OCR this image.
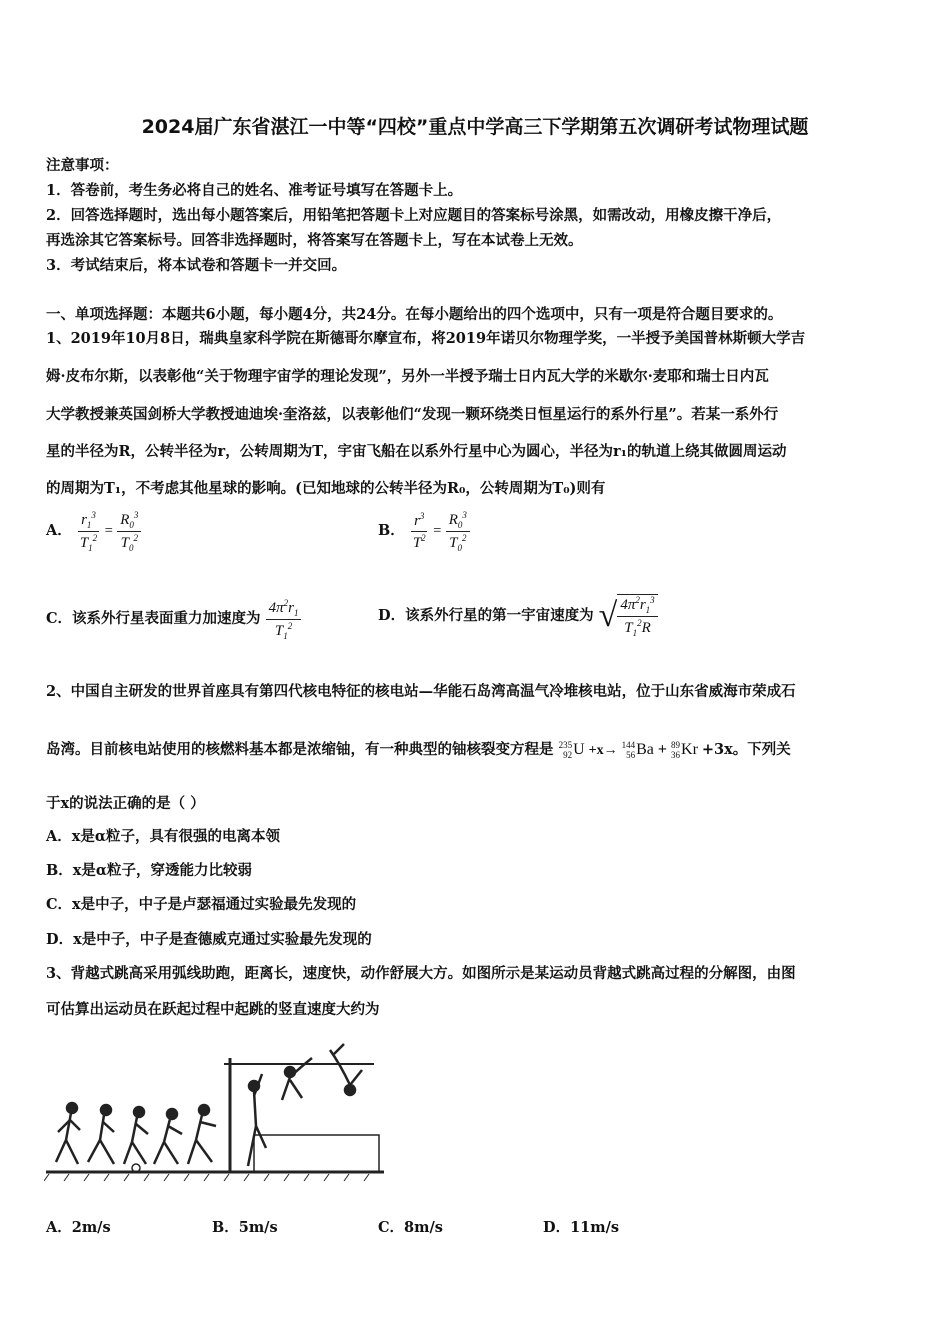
2024届广东省湛江一中等“四校”重点中学高三下学期第五次调研考试物理试题
注意事项：
1．答卷前，考生务必将自己的姓名、准考证号填写在答题卡上。
2．回答选择题时，选出每小题答案后，用铅笔把答题卡上对应题目的答案标号涂黑，如需改动，用橡皮擦干净后，
再选涂其它答案标号。回答非选择题时，将答案写在答题卡上，写在本试卷上无效。
3．考试结束后，将本试卷和答题卡一并交回。
一、单项选择题：本题共6小题，每小题4分，共24分。在每小题给出的四个选项中，只有一项是符合题目要求的。
1、2019年10月8日，瑞典皇家科学院在斯德哥尔摩宣布，将2019年诺贝尔物理学奖，一半授予美国普林斯顿大学吉
姆·皮布尔斯，以表彰他“关于物理宇宙学的理论发现”，另外一半授予瑞士日内瓦大学的米歇尔·麦耶和瑞士日内瓦
大学教授兼英国剑桥大学教授迪迪埃·奎洛兹，以表彰他们“发现一颗环绕类日恒星运行的系外行星”。若某一系外行
星的半径为R，公转半径为r，公转周期为T，宇宙飞船在以系外行星中心为圆心，半径为r₁的轨道上绕其做圆周运动
的周期为T₁，不考虑其他星球的影响。(已知地球的公转半径为R₀，公转周期为T₀)则有
A． $\frac{r_1^3}{T_1^2} = \frac{R_0^3}{T_0^2}$	B． $\frac{r^3}{T^2} = \frac{R_0^3}{T_0^2}$
C．该系外行星表面重力加速度为 $\frac{4\pi^2r_1}{T_1^2}$	D．该系外行星的第一宇宙速度为 √ $\frac{4\pi^2r_1^3}{T_1^2R}$
2、中国自主研发的世界首座具有第四代核电特征的核电站—华能石岛湾高温气冷堆核电站，位于山东省威海市荣成石
岛湾。目前核电站使用的核燃料基本都是浓缩铀，有一种典型的铀核裂变方程是 235
92 U +x→ 144
56 Ba + 89
36 Kr +3x。下列关
于x的说法正确的是（ ）
A．x是α粒子，具有很强的电离本领
B．x是α粒子，穿透能力比较弱
C．x是中子，中子是卢瑟福通过实验最先发现的
D．x是中子，中子是查德威克通过实验最先发现的
3、背越式跳高采用弧线助跑，距离长，速度快，动作舒展大方。如图所示是某运动员背越式跳高过程的分解图，由图
可估算出运动员在跃起过程中起跳的竖直速度大约为
A．2m/s	B．5m/s	C．8m/s	D．11m/s
